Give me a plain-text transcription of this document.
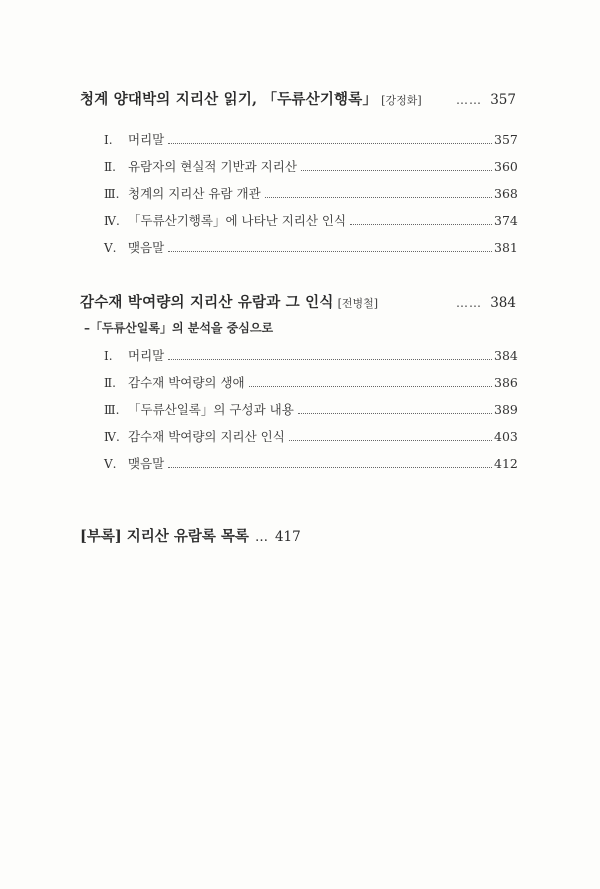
청계 양대박의 지리산 읽기, 「두류산기행록」 [강정화]	…… 357
Ⅰ.	머리말	357
Ⅱ. 유람자의 현실적 기반과 지리산	360
Ⅲ. 청계의 지리산 유람 개관	368
Ⅳ. 「두류산기행록」에 나타난 지리산 인식	374
Ⅴ. 맺음말	381
감수재 박여량의 지리산 유람과 그 인식 [전병철]	…… 384
–「두류산일록」의 분석을 중심으로
Ⅰ.	머리말	384
Ⅱ. 감수재 박여량의 생애	386
Ⅲ. 「두류산일록」의 구성과 내용	389
Ⅳ. 감수재 박여량의 지리산 인식	403
Ⅴ. 맺음말	412
[부록] 지리산 유람록 목록 … 417
